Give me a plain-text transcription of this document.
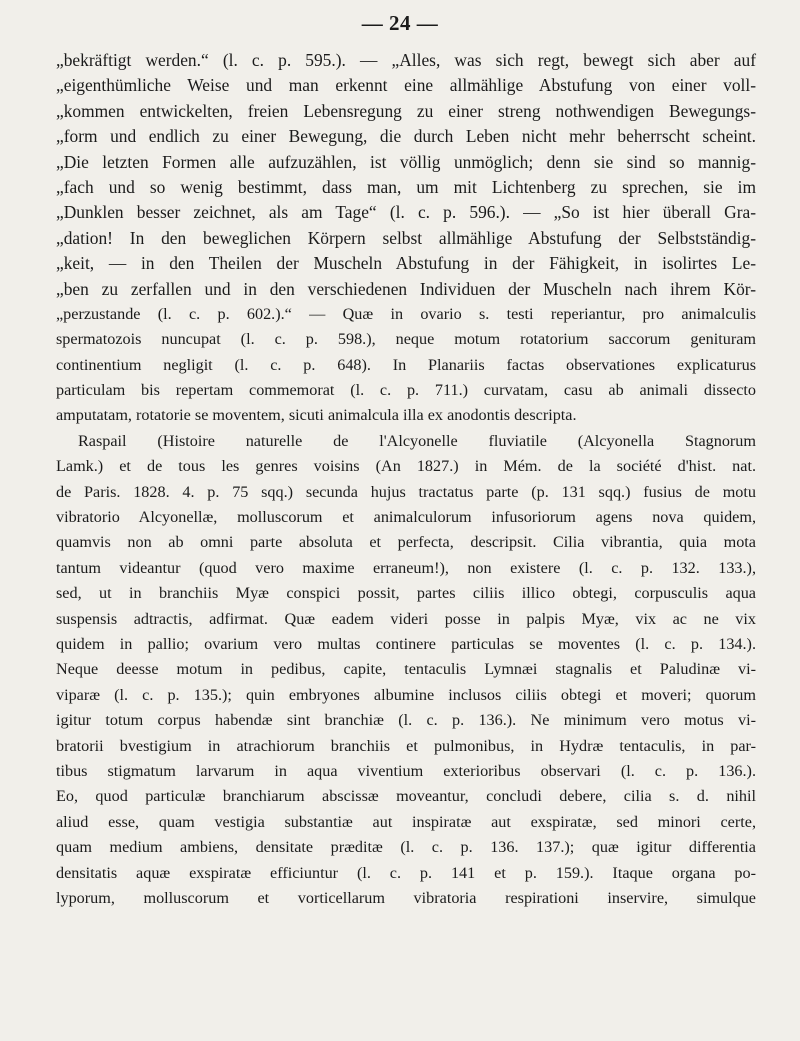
— 24 —
„bekräftigt werden.“ (l. c. p. 595.). — „Alles, was sich regt, bewegt sich aber auf
„eigenthümliche Weise und man erkennt eine allmählige Abstufung von einer voll-
„kommen entwickelten, freien Lebensregung zu einer streng nothwendigen Bewegungs-
„form und endlich zu einer Bewegung, die durch Leben nicht mehr beherrscht scheint.
„Die letzten Formen alle aufzuzählen, ist völlig unmöglich; denn sie sind so mannig-
„fach und so wenig bestimmt, dass man, um mit Lichtenberg zu sprechen, sie im
„Dunklen besser zeichnet, als am Tage“ (l. c. p. 596.). — „So ist hier überall Gra-
„dation! In den beweglichen Körpern selbst allmählige Abstufung der Selbstständig-
„keit, — in den Theilen der Muscheln Abstufung in der Fähigkeit, in isolirtes Le-
„ben zu zerfallen und in den verschiedenen Individuen der Muscheln nach ihrem Kör-
„perzustande (l. c. p. 602.).“ — Quæ in ovario s. testi reperiantur, pro animalculis
spermatozois nuncupat (l. c. p. 598.), neque motum rotatorium saccorum genituram
continentium negligit (l. c. p. 648). In Planariis factas observationes explicaturus
particulam bis repertam commemorat (l. c. p. 711.) curvatam, casu ab animali dissecto
amputatam, rotatorie se moventem, sicuti animalcula illa ex anodontis descripta.
Raspail (Histoire naturelle de l'Alcyonelle fluviatile (Alcyonella Stagnorum
Lamk.) et de tous les genres voisins (An 1827.) in Mém. de la société d'hist. nat.
de Paris. 1828. 4. p. 75 sqq.) secunda hujus tractatus parte (p. 131 sqq.) fusius de motu
vibratorio Alcyonellæ, molluscorum et animalculorum infusoriorum agens nova quidem,
quamvis non ab omni parte absoluta et perfecta, descripsit. Cilia vibrantia, quia mota
tantum videantur (quod vero maxime erraneum!), non existere (l. c. p. 132. 133.),
sed, ut in branchiis Myæ conspici possit, partes ciliis illico obtegi, corpusculis aqua
suspensis adtractis, adfirmat. Quæ eadem videri posse in palpis Myæ, vix ac ne vix
quidem in pallio; ovarium vero multas continere particulas se moventes (l. c. p. 134.).
Neque deesse motum in pedibus, capite, tentaculis Lymnæi stagnalis et Paludinæ vi-
viparæ (l. c. p. 135.); quin embryones albumine inclusos ciliis obtegi et moveri; quorum
igitur totum corpus habendæ sint branchiæ (l. c. p. 136.). Ne minimum vero motus vi-
bratorii bvestigium in atrachiorum branchiis et pulmonibus, in Hydræ tentaculis, in par-
tibus stigmatum larvarum in aqua viventium exterioribus observari (l. c. p. 136.).
Eo, quod particulæ branchiarum abscissæ moveantur, concludi debere, cilia s. d. nihil
aliud esse, quam vestigia substantiæ aut inspiratæ aut exspiratæ, sed minori certe,
quam medium ambiens, densitate præditæ (l. c. p. 136. 137.); quæ igitur differentia
densitatis aquæ exspiratæ efficiuntur (l. c. p. 141 et p. 159.). Itaque organa po-
lyporum, molluscorum et vorticellarum vibratoria respirationi inservire, simulque
